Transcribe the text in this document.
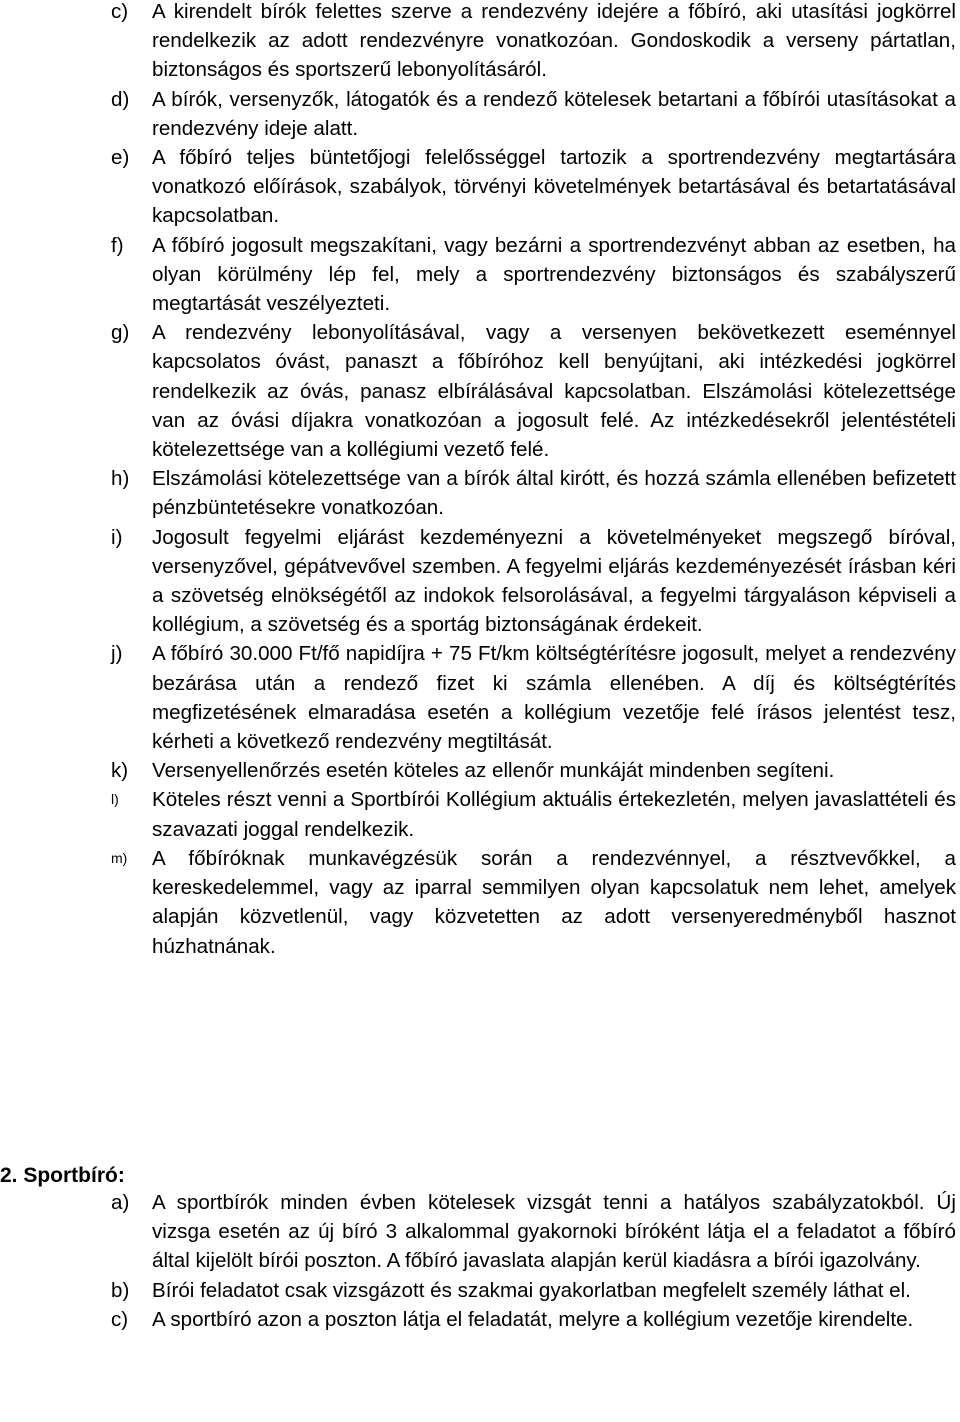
c) A kirendelt bírók felettes szerve a rendezvény idejére a főbíró, aki utasítási jogkörrel rendelkezik az adott rendezvényre vonatkozóan. Gondoskodik a verseny pártatlan, biztonságos és sportszerű lebonyolításáról.
d) A bírók, versenyzők, látogatók és a rendező kötelesek betartani a főbírói utasításokat a rendezvény ideje alatt.
e) A főbíró teljes büntetőjogi felelősséggel tartozik a sportrendezvény megtartására vonatkozó előírások, szabályok, törvényi követelmények betartásával és betartatásával kapcsolatban.
f) A főbíró jogosult megszakítani, vagy bezárni a sportrendezvényt abban az esetben, ha olyan körülmény lép fel, mely a sportrendezvény biztonságos és szabályszerű megtartását veszélyezteti.
g) A rendezvény lebonyolításával, vagy a versenyen bekövetkezett eseménnyel kapcsolatos óvást, panaszt a főbíróhoz kell benyújtani, aki intézkedési jogkörrel rendelkezik az óvás, panasz elbírálásával kapcsolatban. Elszámolási kötelezettsége van az óvási díjakra vonatkozóan a jogosult felé. Az intézkedésekről jelentéstételi kötelezettsége van a kollégiumi vezető felé.
h) Elszámolási kötelezettsége van a bírók által kirótt, és hozzá számla ellenében befizetett pénzbüntetésekre vonatkozóan.
i) Jogosult fegyelmi eljárást kezdeményezni a követelményeket megszegő bíróval, versenyzővel, gépátvevővel szemben. A fegyelmi eljárás kezdeményezését írásban kéri a szövetség elnökségétől az indokok felsorolásával, a fegyelmi tárgyaláson képviseli a kollégium, a szövetség és a sportág biztonságának érdekeit.
j) A főbíró 30.000 Ft/fő napidíjra + 75 Ft/km költségtérítésre jogosult, melyet a rendezvény bezárása után a rendező fizet ki számla ellenében. A díj és költségtérítés megfizetésének elmaradása esetén a kollégium vezetője felé írásos jelentést tesz, kérheti a következő rendezvény megtiltását.
k) Versenyellenőrzés esetén köteles az ellenőr munkáját mindenben segíteni.
l) Köteles részt venni a Sportbírói Kollégium aktuális értekezletén, melyen javaslattételi és szavazati joggal rendelkezik.
m) A főbíróknak munkavégzésük során a rendezvénnyel, a résztvevőkkel, a kereskedelemmel, vagy az iparral semmilyen olyan kapcsolatuk nem lehet, amelyek alapján közvetlenül, vagy közvetetten az adott versenyeredményből hasznot húzhatnának.
2. Sportbíró:
a) A sportbírók minden évben kötelesek vizsgát tenni a hatályos szabályzatokból. Új vizsga esetén az új bíró 3 alkalommal gyakornoki bíróként látja el a feladatot a főbíró által kijelölt bírói poszton. A főbíró javaslata alapján kerül kiadásra a bírói igazolvány.
b) Bírói feladatot csak vizsgázott és szakmai gyakorlatban megfelelt személy láthat el.
c) A sportbíró azon a poszton látja el feladatát, melyre a kollégium vezetője kirendelte.
